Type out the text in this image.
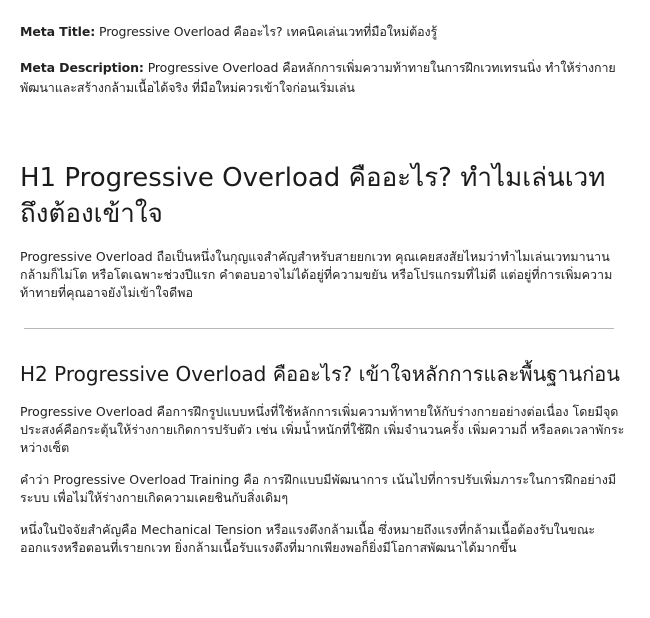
Meta Title: Progressive Overload คืออะไร? เทคนิคเล่นเวทที่มือใหม่ต้องรู้

Meta Description: Progressive Overload คือหลักการเพิ่มความท้าทายในการฝึกเวทเทรนนิ่ง ทำให้ร่างกายพัฒนาและสร้างกล้ามเนื้อได้จริง ที่มือใหม่ควรเข้าใจก่อนเริ่มเล่น

H1 Progressive Overload คืออะไร? ทำไมเล่นเวทถึงต้องเข้าใจ

Progressive Overload ถือเป็นหนึ่งในกุญแจสำคัญสำหรับสายยกเวท คุณเคยสงสัยไหมว่าทำไมเล่นเวทมานาน กล้ามก็ไม่โต หรือโตเฉพาะช่วงปีแรก คำตอบอาจไม่ได้อยู่ที่ความขยัน หรือโปรแกรมที่ไม่ดี แต่อยู่ที่การเพิ่มความท้าทายที่คุณอาจยังไม่เข้าใจดีพอ

H2 Progressive Overload คืออะไร? เข้าใจหลักการและพื้นฐานก่อน

Progressive Overload คือการฝึกรูปแบบหนึ่งที่ใช้หลักการเพิ่มความท้าทายให้กับร่างกายอย่างต่อเนื่อง โดยมีจุดประสงค์คือกระตุ้นให้ร่างกายเกิดการปรับตัว เช่น เพิ่มน้ำหนักที่ใช้ฝึก เพิ่มจำนวนครั้ง เพิ่มความถี่ หรือลดเวลาพักระหว่างเซ็ต

คำว่า Progressive Overload Training คือ การฝึกแบบมีพัฒนาการ เน้นไปที่การปรับเพิ่มภาระในการฝึกอย่างมีระบบ เพื่อไม่ให้ร่างกายเกิดความเคยชินกับสิ่งเดิมๆ

หนึ่งในปัจจัยสำคัญคือ Mechanical Tension หรือแรงตึงกล้ามเนื้อ ซึ่งหมายถึงแรงที่กล้ามเนื้อต้องรับในขณะออกแรงหรือตอนที่เรายกเวท ยิ่งกล้ามเนื้อรับแรงตึงที่มากเพียงพอก็ยิ่งมีโอกาสพัฒนาได้มากขึ้น
